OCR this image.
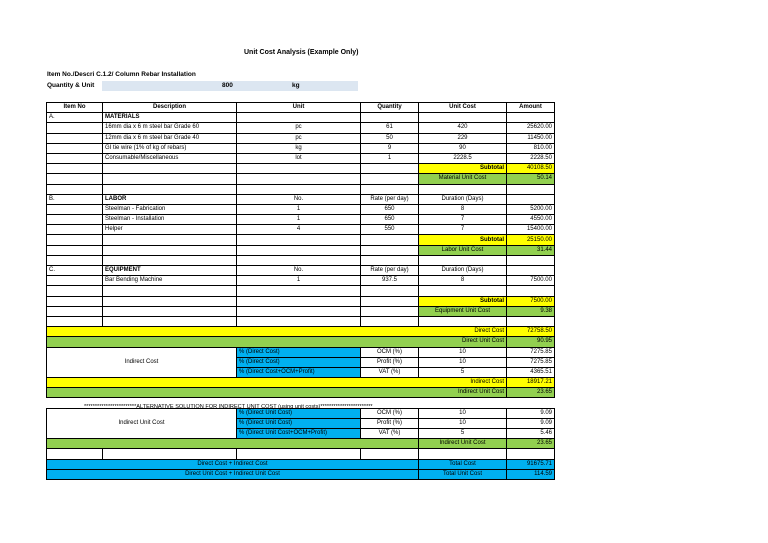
Unit Cost Analysis (Example Only)
Item No./Descri C.1.2/ Column Rebar Installation
Quantity & Unit	800	kg
Item No	Description	Unit	Quantity	Unit Cost	Amount
A.	MATERIALS				
	16mm dia x 6 m steel bar Grade 60	pc	61	420	25620.00
	12mm dia x 6 m steel bar Grade 40	pc	50	229	11450.00
	GI tie wire (1% of kg of rebars)	kg	9	90	810.00
	Consumable/Miscellaneous	lot	1	2228.5	2228.50
				Subtotal	40108.50
				Material Unit Cost	50.14

B.	LABOR	No.	Rate (per day)	Duration (Days)	
	Steelman - Fabrication	1	650	8	5200.00
	Steelman - Installation	1	650	7	4550.00
	Helper	4	550	7	15400.00
				Subtotal	25150.00
				Labor Unit Cost	31.44

C.	EQUIPMENT	No.	Rate (per day)	Duration (Days)	
	Bar Bending Machine	1	937.5	8	7500.00

				Subtotal	7500.00
				Equipment Unit Cost	9.38

Direct Cost					72758.50
Direct Unit Cost					90.95
Indirect Cost		% (Direct Cost)	OCM (%)	10	7275.85
		% (Direct Cost)	Profit (%)	10	7275.85
		% (Direct Cost+OCM+Profit)	VAT (%)	5	4365.51
Indirect Cost					18917.21
Indirect Unit Cost					23.65

Indirect Unit Cost		% (Direct Unit Cost)	OCM (%)	10	9.09
		% (Direct Unit Cost)	Profit (%)	10	9.09
		% (Direct Unit Cost+OCM+Profit)	VAT (%)	5	5.46
				Indirect Unit Cost	23.65

Direct Cost + Indirect Cost				Total Cost	91675.71
Direct Unit Cost + Indirect Unit Cost				Total Unit Cost	114.59
************************ALTERNATIVE SOLUTION FOR INDIRECT UNIT COST (using unit costs)************************
